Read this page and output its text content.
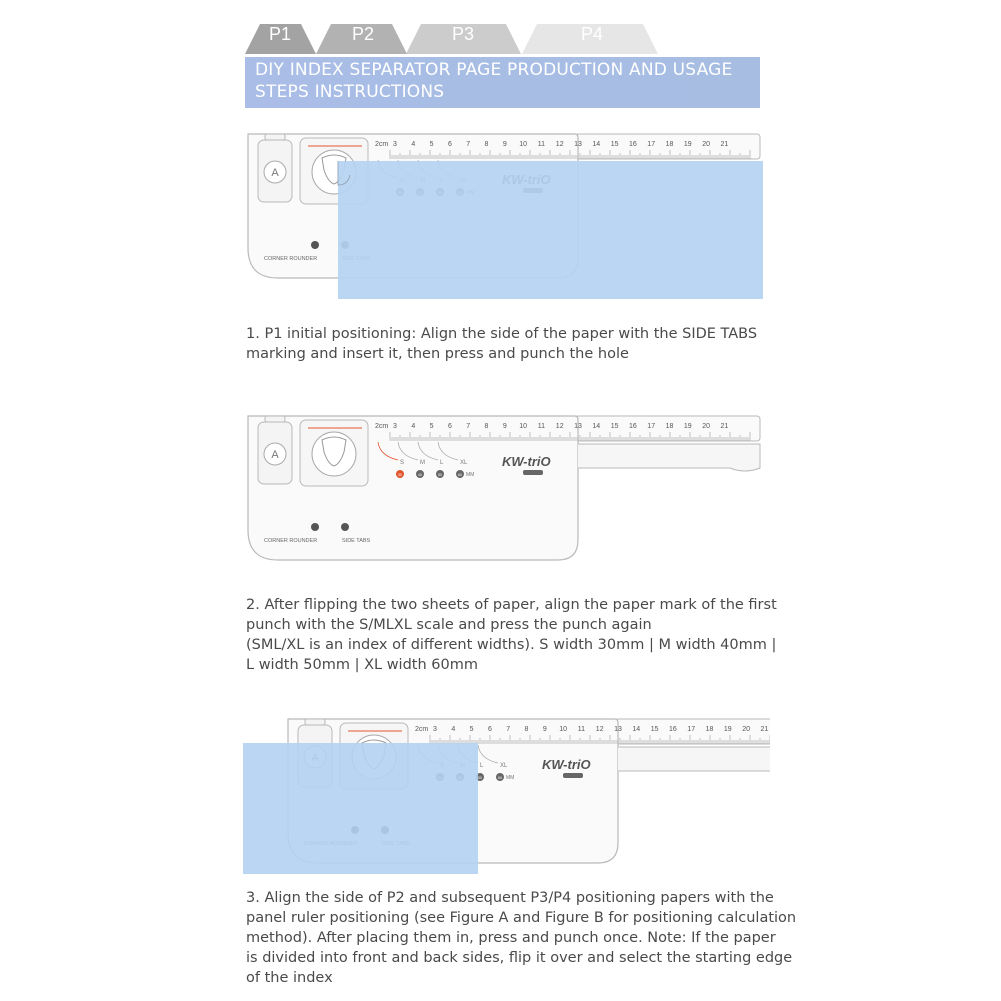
P1	P2	P3	P4
DIY INDEX SEPARATOR PAGE PRODUCTION AND USAGE STEPS INSTRUCTIONS
2cm 3 4 5 6 7 8 9 10 11 12 13 14 15 16 17 18 19 20 21
A
CORNER ROUNDER
1. P1 initial positioning: Align the side of the paper with the SIDE TABS
marking and insert it, then press and punch the hole
2cm 3 4 5 6 7 8 9 10 11 12 13 14 15 16 17 18 19 20 21
A
S
30
M
40
L
50
XL
60 MM
KW-triO
CORNER ROUNDER	SIDE TABS
2. After flipping the two sheets of paper, align the paper mark of the first
punch with the S/MLXL scale and press the punch again
(SML/XL is an index of different widths). S width 30mm | M width 40mm |
L width 50mm | XL width 60mm
2cm 3 4 5 6 7 8 9 10 11 12 13 14 15 16 17 18 19 20 21
L
50
XL
60 MM
KW-triO
3. Align the side of P2 and subsequent P3/P4 positioning papers with the
panel ruler positioning (see Figure A and Figure B for positioning calculation
method). After placing them in, press and punch once. Note: If the paper
is divided into front and back sides, flip it over and select the starting edge
of the index
